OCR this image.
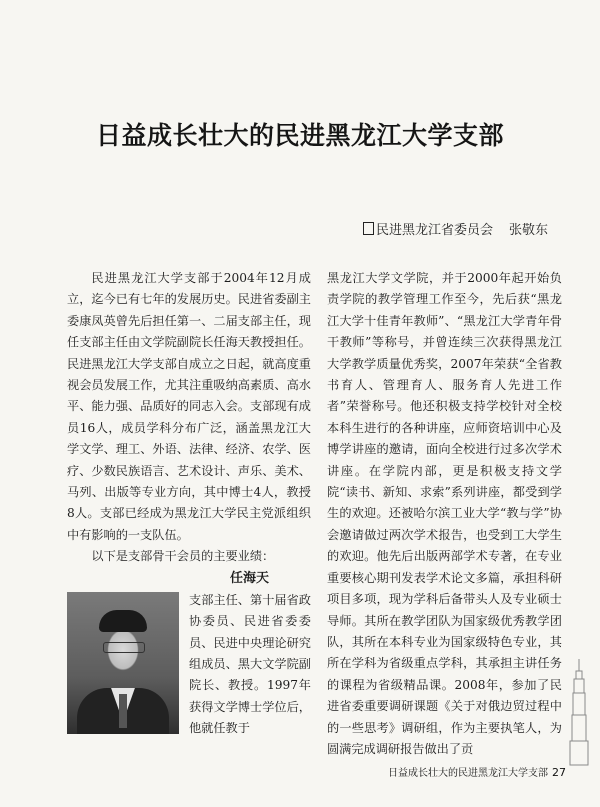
日益成长壮大的民进黑龙江大学支部
民进黑龙江省委员会 张敬东

民进黑龙江大学支部于2004年12月成立，迄今已有七年的发展历史。民进省委副主委康凤英曾先后担任第一、二届支部主任，现任支部主任由文学院副院长任海天教授担任。民进黑龙江大学支部自成立之日起，就高度重视会员发展工作，尤其注重吸纳高素质、高水平、能力强、品质好的同志入会。支部现有成员16人，成员学科分布广泛，涵盖黑龙江大学文学、理工、外语、法律、经济、农学、医疗、少数民族语言、艺术设计、声乐、美术、马列、出版等专业方向，其中博士4人，教授8人。支部已经成为黑龙江大学民主党派组织中有影响的一支队伍。

以下是支部骨干会员的主要业绩：

任海天

支部主任、第十届省政协委员、民进省委委员、民进中央理论研究组成员、黑大文学院副院长、教授。1997年获得文学博士学位后，他就任教于

黑龙江大学文学院，并于2000年起开始负责学院的教学管理工作至今，先后获“黑龙江大学十佳青年教师”、“黑龙江大学青年骨干教师”等称号，并曾连续三次获得黑龙江大学教学质量优秀奖，2007年荣获“全省教书育人、管理育人、服务育人先进工作者”荣誉称号。他还积极支持学校针对全校本科生进行的各种讲座，应师资培训中心及博学讲座的邀请，面向全校进行过多次学术讲座。在学院内部，更是积极支持文学院“读书、新知、求索”系列讲座，都受到学生的欢迎。还被哈尔滨工业大学“教与学”协会邀请做过两次学术报告，也受到工大学生的欢迎。他先后出版两部学术专著，在专业重要核心期刊发表学术论文多篇，承担科研项目多项，现为学科后备带头人及专业硕士导师。其所在教学团队为国家级优秀教学团队，其所在本科专业为国家级特色专业，其所在学科为省级重点学科，其承担主讲任务的课程为省级精品课。2008年，参加了民进省委重要调研课题《关于对俄边贸过程中的一些思考》调研组，作为主要执笔人，为圆满完成调研报告做出了贡

日益成长壮大的民进黑龙江大学支部 27
